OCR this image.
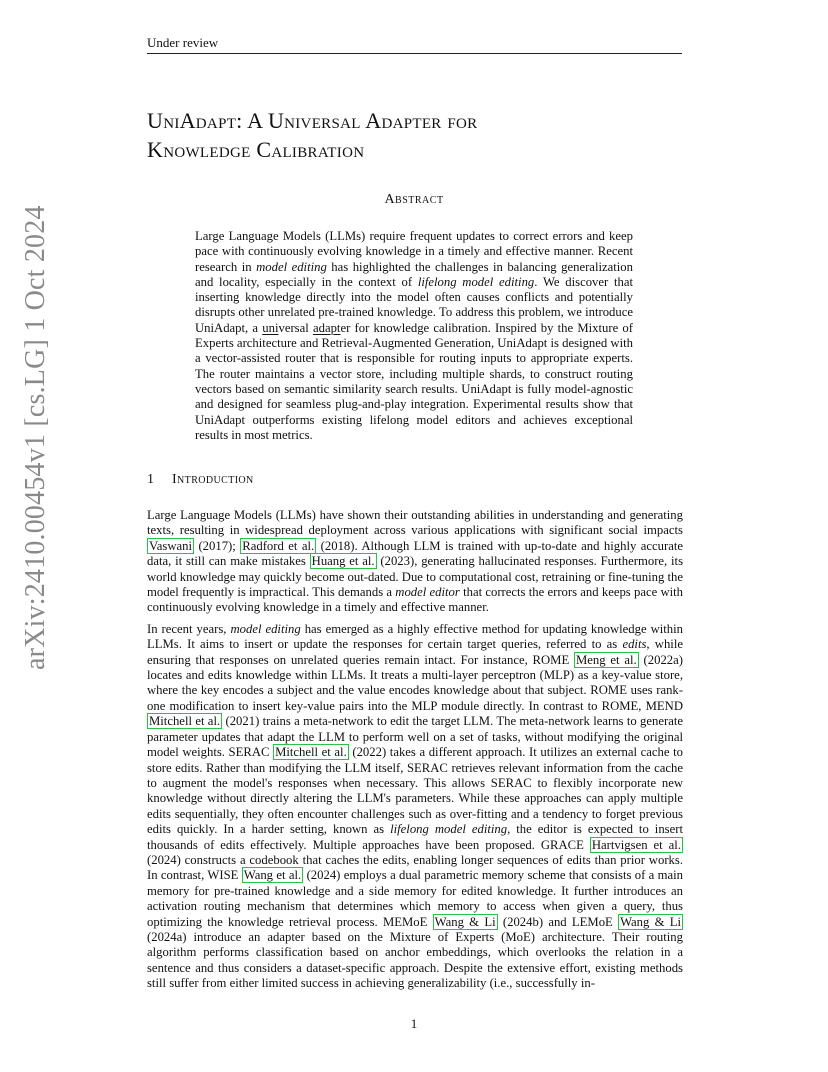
Under review
arXiv:2410.00454v1 [cs.LG] 1 Oct 2024
UniAdapt: A Universal Adapter for
Knowledge Calibration
Abstract

Large Language Models (LLMs) require frequent updates to correct errors and keep pace with continuously evolving knowledge in a timely and effective manner. Recent research in model editing has highlighted the challenges in balancing generalization and locality, especially in the context of lifelong model editing. We discover that inserting knowledge directly into the model often causes conflicts and potentially disrupts other unrelated pre-trained knowledge. To address this problem, we introduce UniAdapt, a universal adapter for knowledge calibration. Inspired by the Mixture of Experts architecture and Retrieval-Augmented Generation, UniAdapt is designed with a vector-assisted router that is responsible for routing inputs to appropriate experts. The router maintains a vector store, including multiple shards, to construct routing vectors based on semantic similarity search results. UniAdapt is fully model-agnostic and designed for seamless plug-and-play integration. Experimental results show that UniAdapt outperforms existing lifelong model editors and achieves exceptional results in most metrics.

1 Introduction

Large Language Models (LLMs) have shown their outstanding abilities in understanding and generating texts, resulting in widespread deployment across various applications with significant social impacts Vaswani (2017); Radford et al. (2018). Although LLM is trained with up-to-date and highly accurate data, it still can make mistakes Huang et al. (2023), generating hallucinated responses. Furthermore, its world knowledge may quickly become out-dated. Due to computational cost, retraining or fine-tuning the model frequently is impractical. This demands a model editor that corrects the errors and keeps pace with continuously evolving knowledge in a timely and effective manner.

In recent years, model editing has emerged as a highly effective method for updating knowledge within LLMs. It aims to insert or update the responses for certain target queries, referred to as edits, while ensuring that responses on unrelated queries remain intact. For instance, ROME Meng et al. (2022a) locates and edits knowledge within LLMs. It treats a multi-layer perceptron (MLP) as a key-value store, where the key encodes a subject and the value encodes knowledge about that subject. ROME uses rank-one modification to insert key-value pairs into the MLP module directly. In contrast to ROME, MEND Mitchell et al. (2021) trains a meta-network to edit the target LLM. The meta-network learns to generate parameter updates that adapt the LLM to perform well on a set of tasks, without modifying the original model weights. SERAC Mitchell et al. (2022) takes a different approach. It utilizes an external cache to store edits. Rather than modifying the LLM itself, SERAC retrieves relevant information from the cache to augment the model's responses when necessary. This allows SERAC to flexibly incorporate new knowledge without directly altering the LLM's parameters. While these approaches can apply multiple edits sequentially, they often encounter challenges such as over-fitting and a tendency to forget previous edits quickly. In a harder setting, known as lifelong model editing, the editor is expected to insert thousands of edits effectively. Multiple approaches have been proposed. GRACE Hartvigsen et al. (2024) constructs a codebook that caches the edits, enabling longer sequences of edits than prior works. In contrast, WISE Wang et al. (2024) employs a dual parametric memory scheme that consists of a main memory for pre-trained knowledge and a side memory for edited knowledge. It further introduces an activation routing mechanism that determines which memory to access when given a query, thus optimizing the knowledge retrieval process. MEMoE Wang & Li (2024b) and LEMoE Wang & Li (2024a) introduce an adapter based on the Mixture of Experts (MoE) architecture. Their routing algorithm performs classification based on anchor embeddings, which overlooks the relation in a sentence and thus considers a dataset-specific approach. Despite the extensive effort, existing methods still suffer from either limited success in achieving generalizability (i.e., successfully in-

1
